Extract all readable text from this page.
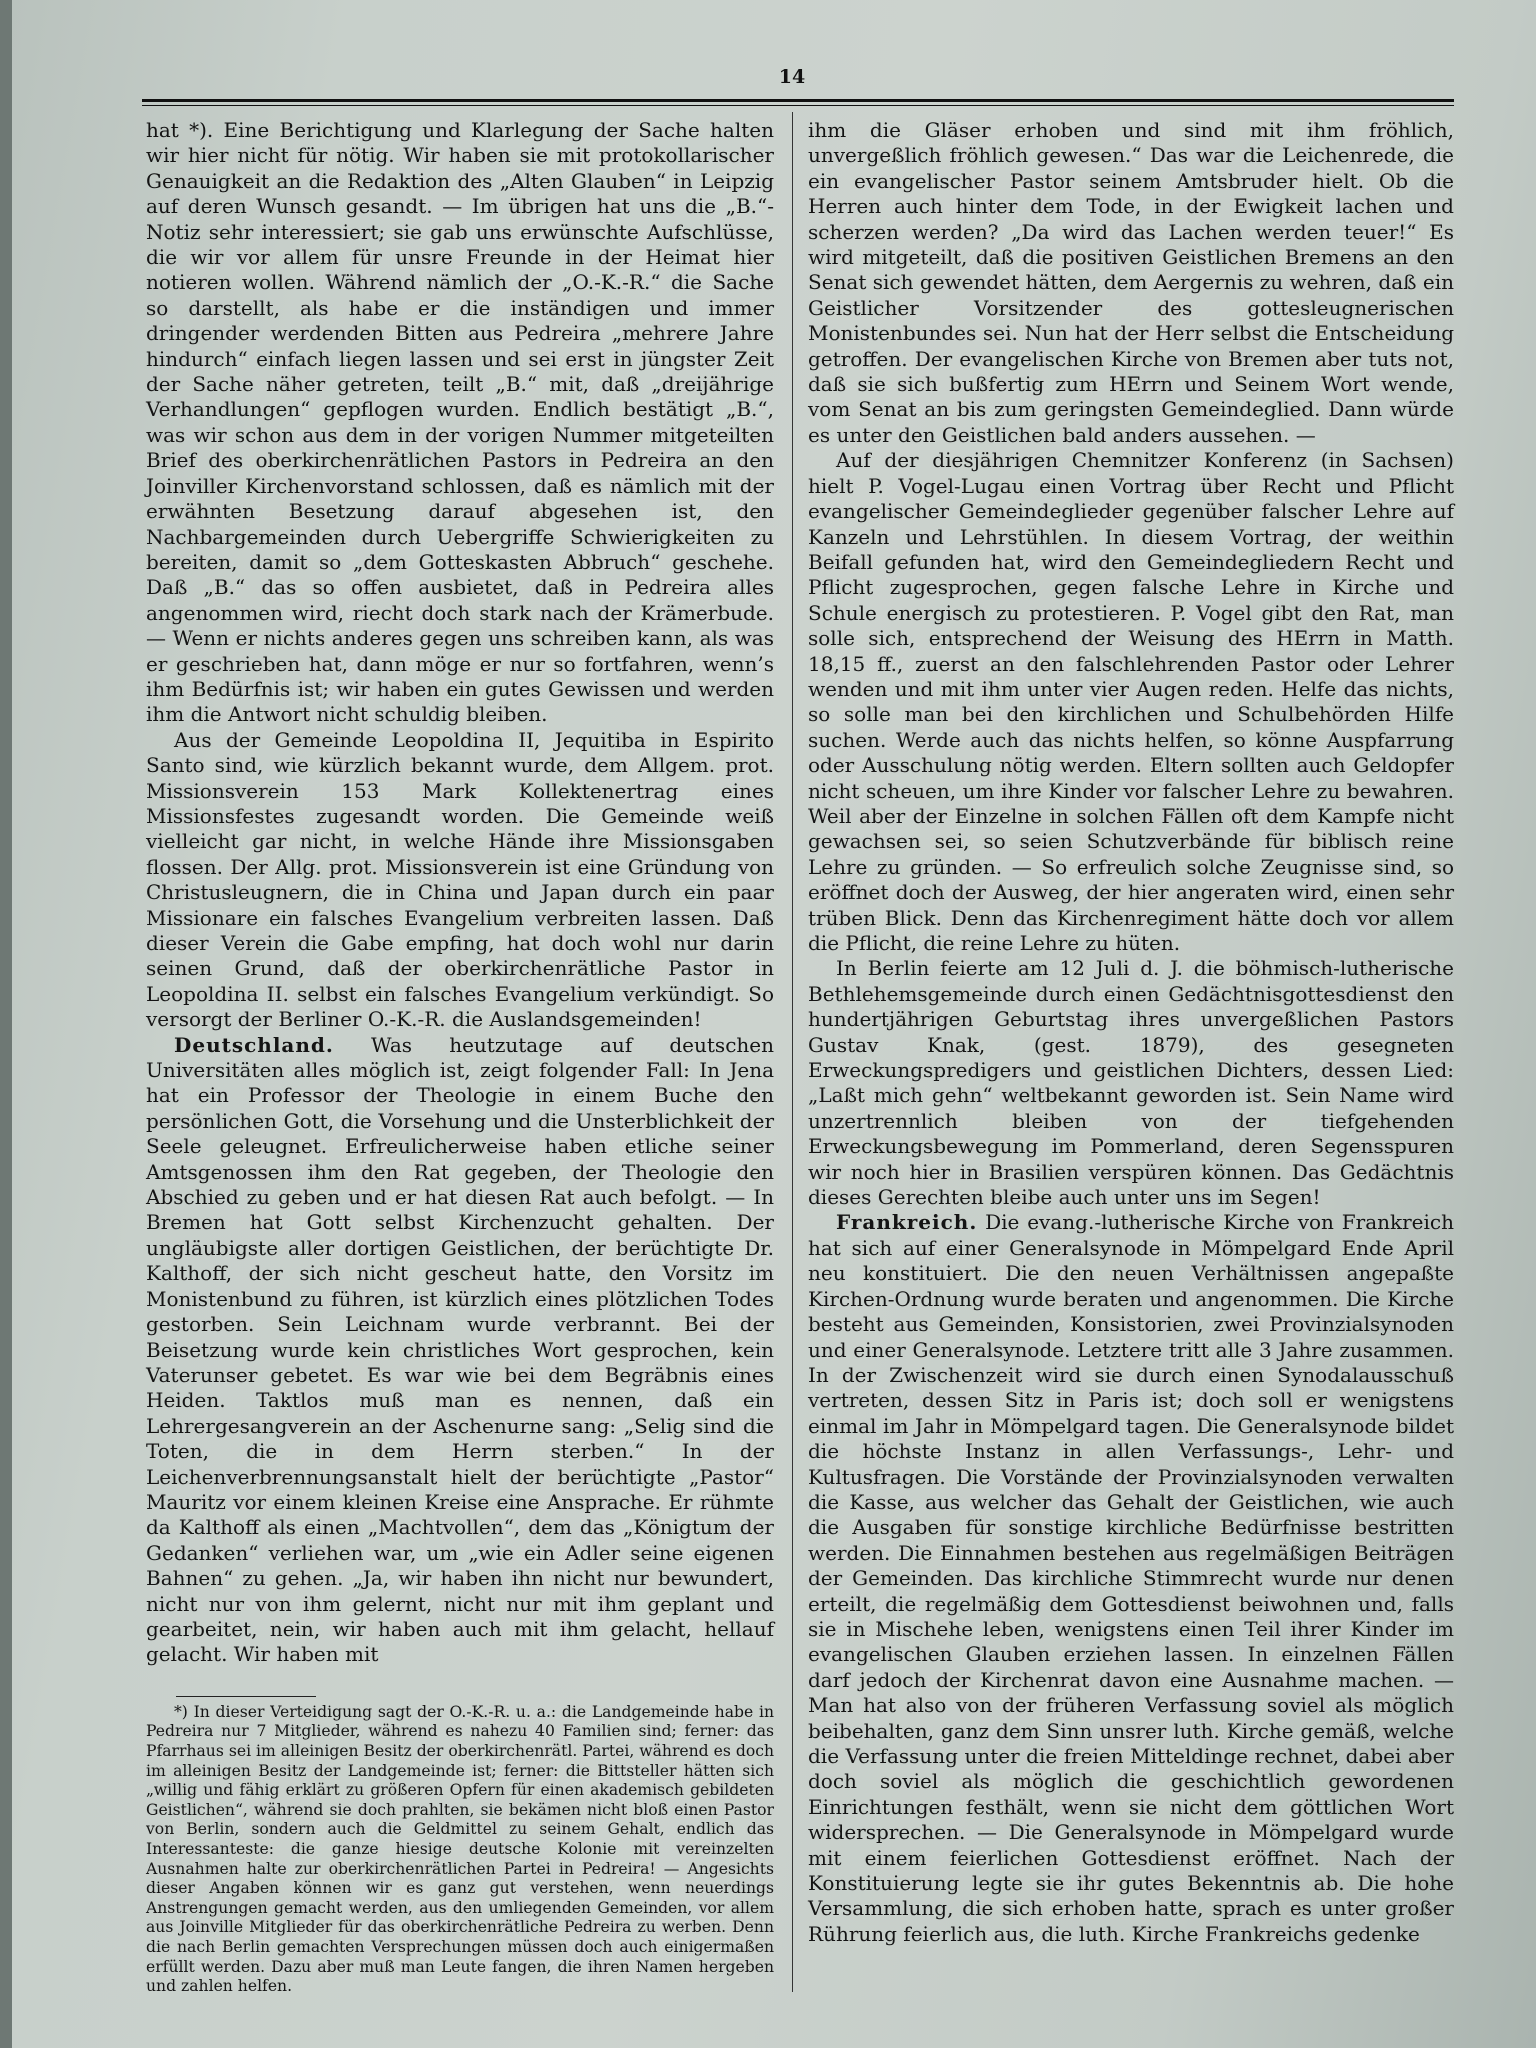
14

hat *). Eine Berichtigung und Klarlegung der Sache halten wir hier nicht für nötig. Wir haben sie mit protokollarischer Genauigkeit an die Redaktion des „Alten Glauben“ in Leipzig auf deren Wunsch gesandt. — Im übrigen hat uns die „B.“-Notiz sehr interessiert; sie gab uns erwünschte Aufschlüsse, die wir vor allem für unsre Freunde in der Heimat hier notieren wollen. Während nämlich der „O.-K.-R.“ die Sache so darstellt, als habe er die inständigen und immer dringender werdenden Bitten aus Pedreira „mehrere Jahre hindurch“ einfach liegen lassen und sei erst in jüngster Zeit der Sache näher getreten, teilt „B.“ mit, daß „dreijährige Verhandlungen“ gepflogen wurden. Endlich bestätigt „B.“, was wir schon aus dem in der vorigen Nummer mitgeteilten Brief des oberkirchenrätlichen Pastors in Pedreira an den Joinviller Kirchenvorstand schlossen, daß es nämlich mit der erwähnten Besetzung darauf abgesehen ist, den Nachbargemeinden durch Uebergriffe Schwierigkeiten zu bereiten, damit so „dem Gotteskasten Abbruch“ geschehe. Daß „B.“ das so offen ausbietet, daß in Pedreira alles angenommen wird, riecht doch stark nach der Krämerbude. — Wenn er nichts anderes gegen uns schreiben kann, als was er geschrieben hat, dann möge er nur so fortfahren, wenn’s ihm Bedürfnis ist; wir haben ein gutes Gewissen und werden ihm die Antwort nicht schuldig bleiben.

Aus der Gemeinde Leopoldina II, Jequitiba in Espirito Santo sind, wie kürzlich bekannt wurde, dem Allgem. prot. Missionsverein 153 Mark Kollektenertrag eines Missionsfestes zugesandt worden. Die Gemeinde weiß vielleicht gar nicht, in welche Hände ihre Missionsgaben flossen. Der Allg. prot. Missionsverein ist eine Gründung von Christusleugnern, die in China und Japan durch ein paar Missionare ein falsches Evangelium verbreiten lassen. Daß dieser Verein die Gabe empfing, hat doch wohl nur darin seinen Grund, daß der oberkirchenrätliche Pastor in Leopoldina II. selbst ein falsches Evangelium verkündigt. So versorgt der Berliner O.-K.-R. die Auslandsgemeinden!

Deutschland. Was heutzutage auf deutschen Universitäten alles möglich ist, zeigt folgender Fall: In Jena hat ein Professor der Theologie in einem Buche den persönlichen Gott, die Vorsehung und die Unsterblichkeit der Seele geleugnet. Erfreulicherweise haben etliche seiner Amtsgenossen ihm den Rat gegeben, der Theologie den Abschied zu geben und er hat diesen Rat auch befolgt. — In Bremen hat Gott selbst Kirchenzucht gehalten. Der ungläubigste aller dortigen Geistlichen, der berüchtigte Dr. Kalthoff, der sich nicht gescheut hatte, den Vorsitz im Monistenbund zu führen, ist kürzlich eines plötzlichen Todes gestorben. Sein Leichnam wurde verbrannt. Bei der Beisetzung wurde kein christliches Wort gesprochen, kein Vaterunser gebetet. Es war wie bei dem Begräbnis eines Heiden. Taktlos muß man es nennen, daß ein Lehrergesangverein an der Aschenurne sang: „Selig sind die Toten, die in dem Herrn sterben.“ In der Leichenverbrennungsanstalt hielt der berüchtigte „Pastor“ Mauritz vor einem kleinen Kreise eine Ansprache. Er rühmte da Kalthoff als einen „Machtvollen“, dem das „Königtum der Gedanken“ verliehen war, um „wie ein Adler seine eigenen Bahnen“ zu gehen. „Ja, wir haben ihn nicht nur bewundert, nicht nur von ihm gelernt, nicht nur mit ihm geplant und gearbeitet, nein, wir haben auch mit ihm gelacht, hellauf gelacht. Wir haben mit

*) In dieser Verteidigung sagt der O.-K.-R. u. a.: die Landgemeinde habe in Pedreira nur 7 Mitglieder, während es nahezu 40 Familien sind; ferner: das Pfarrhaus sei im alleinigen Besitz der oberkirchenrätl. Partei, während es doch im alleinigen Besitz der Landgemeinde ist; ferner: die Bittsteller hätten sich „willig und fähig erklärt zu größeren Opfern für einen akademisch gebildeten Geistlichen“, während sie doch prahlten, sie bekämen nicht bloß einen Pastor von Berlin, sondern auch die Geldmittel zu seinem Gehalt, endlich das Interessanteste: die ganze hiesige deutsche Kolonie mit vereinzelten Ausnahmen halte zur oberkirchenrätlichen Partei in Pedreira! — Angesichts dieser Angaben können wir es ganz gut verstehen, wenn neuerdings Anstrengungen gemacht werden, aus den umliegenden Gemeinden, vor allem aus Joinville Mitglieder für das oberkirchenrätliche Pedreira zu werben. Denn die nach Berlin gemachten Versprechungen müssen doch auch einigermaßen erfüllt werden. Dazu aber muß man Leute fangen, die ihren Namen hergeben und zahlen helfen.

ihm die Gläser erhoben und sind mit ihm fröhlich, unvergeßlich fröhlich gewesen.“ Das war die Leichenrede, die ein evangelischer Pastor seinem Amtsbruder hielt. Ob die Herren auch hinter dem Tode, in der Ewigkeit lachen und scherzen werden? „Da wird das Lachen werden teuer!“ Es wird mitgeteilt, daß die positiven Geistlichen Bremens an den Senat sich gewendet hätten, dem Aergernis zu wehren, daß ein Geistlicher Vorsitzender des gottesleugnerischen Monistenbundes sei. Nun hat der Herr selbst die Entscheidung getroffen. Der evangelischen Kirche von Bremen aber tuts not, daß sie sich bußfertig zum HErrn und Seinem Wort wende, vom Senat an bis zum geringsten Gemeindeglied. Dann würde es unter den Geistlichen bald anders aussehen. —

Auf der diesjährigen Chemnitzer Konferenz (in Sachsen) hielt P. Vogel-Lugau einen Vortrag über Recht und Pflicht evangelischer Gemeindeglieder gegenüber falscher Lehre auf Kanzeln und Lehrstühlen. In diesem Vortrag, der weithin Beifall gefunden hat, wird den Gemeindegliedern Recht und Pflicht zugesprochen, gegen falsche Lehre in Kirche und Schule energisch zu protestieren. P. Vogel gibt den Rat, man solle sich, entsprechend der Weisung des HErrn in Matth. 18,15 ff., zuerst an den falschlehrenden Pastor oder Lehrer wenden und mit ihm unter vier Augen reden. Helfe das nichts, so solle man bei den kirchlichen und Schulbehörden Hilfe suchen. Werde auch das nichts helfen, so könne Auspfarrung oder Ausschulung nötig werden. Eltern sollten auch Geldopfer nicht scheuen, um ihre Kinder vor falscher Lehre zu bewahren. Weil aber der Einzelne in solchen Fällen oft dem Kampfe nicht gewachsen sei, so seien Schutzverbände für biblisch reine Lehre zu gründen. — So erfreulich solche Zeugnisse sind, so eröffnet doch der Ausweg, der hier angeraten wird, einen sehr trüben Blick. Denn das Kirchenregiment hätte doch vor allem die Pflicht, die reine Lehre zu hüten.

In Berlin feierte am 12 Juli d. J. die böhmisch-lutherische Bethlehemsgemeinde durch einen Gedächtnisgottesdienst den hundertjährigen Geburtstag ihres unvergeßlichen Pastors Gustav Knak, (gest. 1879), des gesegneten Erweckungspredigers und geistlichen Dichters, dessen Lied: „Laßt mich gehn“ weltbekannt geworden ist. Sein Name wird unzertrennlich bleiben von der tiefgehenden Erweckungsbewegung im Pommerland, deren Segensspuren wir noch hier in Brasilien verspüren können. Das Gedächtnis dieses Gerechten bleibe auch unter uns im Segen!

Frankreich. Die evang.-lutherische Kirche von Frankreich hat sich auf einer Generalsynode in Mömpelgard Ende April neu konstituiert. Die den neuen Verhältnissen angepaßte Kirchen-Ordnung wurde beraten und angenommen. Die Kirche besteht aus Gemeinden, Konsistorien, zwei Provinzialsynoden und einer Generalsynode. Letztere tritt alle 3 Jahre zusammen. In der Zwischenzeit wird sie durch einen Synodalausschuß vertreten, dessen Sitz in Paris ist; doch soll er wenigstens einmal im Jahr in Mömpelgard tagen. Die Generalsynode bildet die höchste Instanz in allen Verfassungs-, Lehr- und Kultusfragen. Die Vorstände der Provinzialsynoden verwalten die Kasse, aus welcher das Gehalt der Geistlichen, wie auch die Ausgaben für sonstige kirchliche Bedürfnisse bestritten werden. Die Einnahmen bestehen aus regelmäßigen Beiträgen der Gemeinden. Das kirchliche Stimmrecht wurde nur denen erteilt, die regelmäßig dem Gottesdienst beiwohnen und, falls sie in Mischehe leben, wenigstens einen Teil ihrer Kinder im evangelischen Glauben erziehen lassen. In einzelnen Fällen darf jedoch der Kirchenrat davon eine Ausnahme machen. — Man hat also von der früheren Verfassung soviel als möglich beibehalten, ganz dem Sinn unsrer luth. Kirche gemäß, welche die Verfassung unter die freien Mitteldinge rechnet, dabei aber doch soviel als möglich die geschichtlich gewordenen Einrichtungen festhält, wenn sie nicht dem göttlichen Wort widersprechen. — Die Generalsynode in Mömpelgard wurde mit einem feierlichen Gottesdienst eröffnet. Nach der Konstituierung legte sie ihr gutes Bekenntnis ab. Die hohe Versammlung, die sich erhoben hatte, sprach es unter großer Rührung feierlich aus, die luth. Kirche Frankreichs gedenke
